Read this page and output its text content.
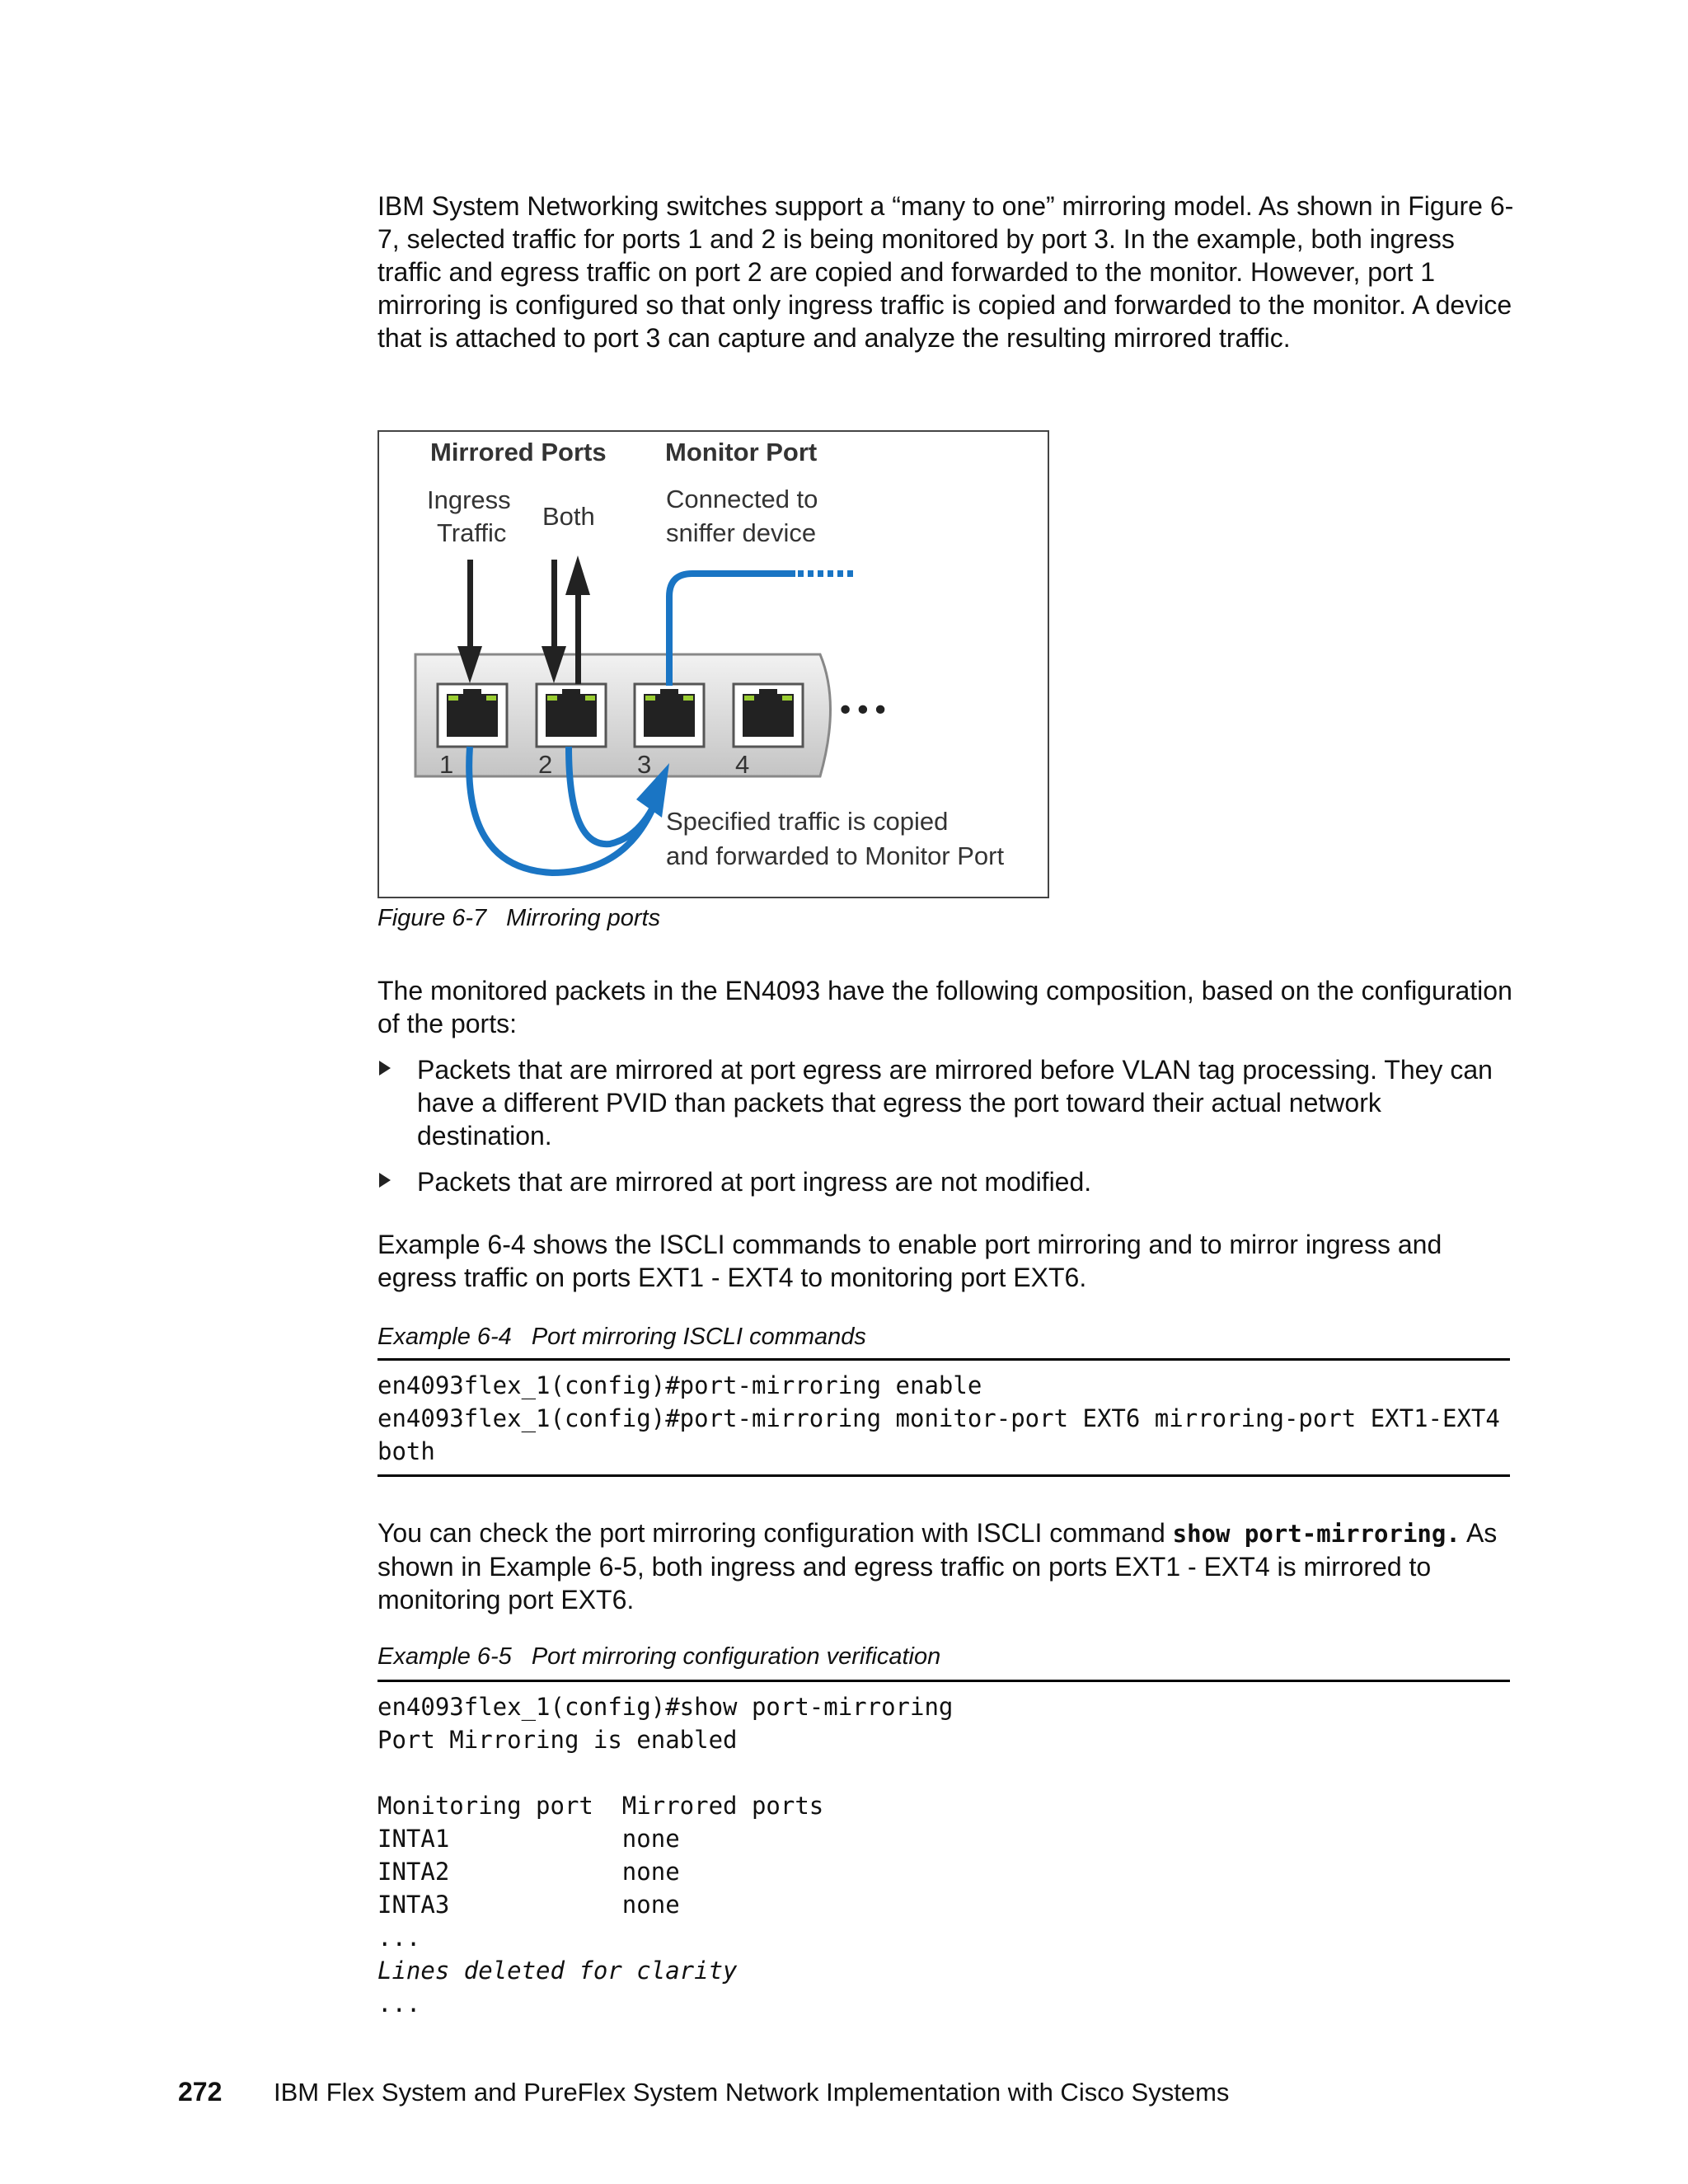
IBM System Networking switches support a “many to one” mirroring model. As shown in Figure 6-7, selected traffic for ports 1 and 2 is being monitored by port 3. In the example, both ingress traffic and egress traffic on port 2 are copied and forwarded to the monitor. However, port 1 mirroring is configured so that only ingress traffic is copied and forwarded to the monitor. A device that is attached to port 3 can capture and analyze the resulting mirrored traffic.

Mirrored Ports Monitor Port
Ingress
Traffic
Both
Connected to
sniffer device
1	2	3	4
•••
Specified traffic is copied
and forwarded to Monitor Port
Figure 6-7 Mirroring ports

The monitored packets in the EN4093 have the following composition, based on the configuration of the ports:

Packets that are mirrored at port egress are mirrored before VLAN tag processing. They can have a different PVID than packets that egress the port toward their actual network destination.
Packets that are mirrored at port ingress are not modified.

Example 6-4 shows the ISCLI commands to enable port mirroring and to mirror ingress and egress traffic on ports EXT1 - EXT4 to monitoring port EXT6.

Example 6-4 Port mirroring ISCLI commands
en4093flex_1(config)#port-mirroring enable
en4093flex_1(config)#port-mirroring monitor-port EXT6 mirroring-port EXT1-EXT4
both

You can check the port mirroring configuration with ISCLI command show port-mirroring. As shown in Example 6-5, both ingress and egress traffic on ports EXT1 - EXT4 is mirrored to monitoring port EXT6.

Example 6-5 Port mirroring configuration verification
en4093flex_1(config)#show port-mirroring
Port Mirroring is enabled
Monitoring port  Mirrored ports
INTA1            none
INTA2            none
INTA3            none
...
Lines deleted for clarity
...
272 IBM Flex System and PureFlex System Network Implementation with Cisco Systems
